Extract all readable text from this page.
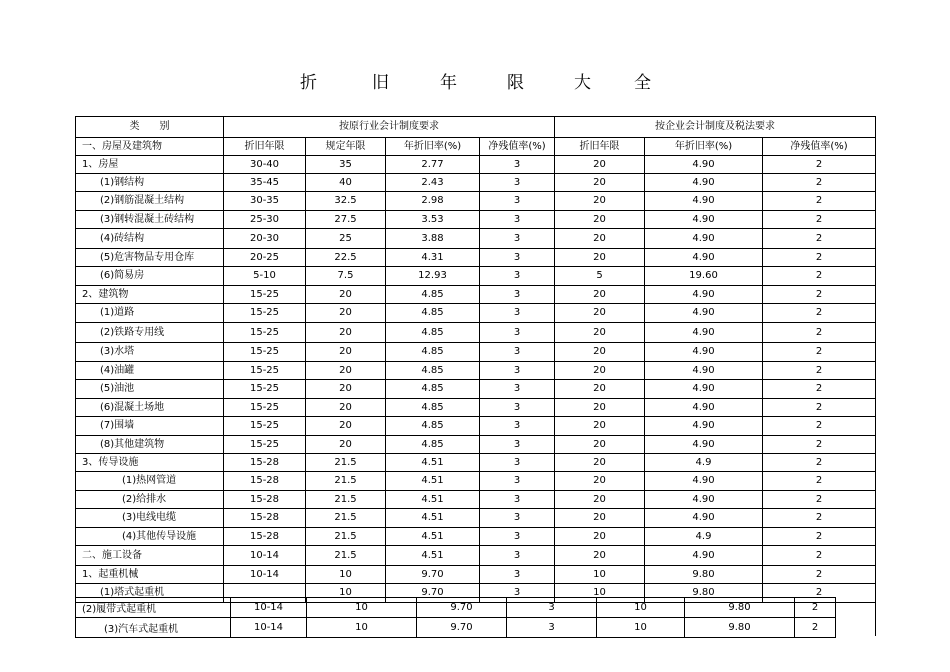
折	旧	年	限	大	全
类　　别	按原行业会计制度要求				按企业会计制度及税法要求		
一、房屋及建筑物	折旧年限	规定年限	年折旧率(%)	净残值率(%)	折旧年限	年折旧率(%)	净残值率(%)
1、房屋	30-40	35	2.77	3	20	4.90	2
(1)钢结构	35-45	40	2.43	3	20	4.90	2
(2)钢筋混凝土结构	30-35	32.5	2.98	3	20	4.90	2
(3)钢转混凝土砖结构	25-30	27.5	3.53	3	20	4.90	2
(4)砖结构	20-30	25	3.88	3	20	4.90	2
(5)危害物品专用仓库	20-25	22.5	4.31	3	20	4.90	2
(6)简易房	5-10	7.5	12.93	3	5	19.60	2
2、建筑物	15-25	20	4.85	3	20	4.90	2
(1)道路	15-25	20	4.85	3	20	4.90	2
(2)铁路专用线	15-25	20	4.85	3	20	4.90	2
(3)水塔	15-25	20	4.85	3	20	4.90	2
(4)油罐	15-25	20	4.85	3	20	4.90	2
(5)油池	15-25	20	4.85	3	20	4.90	2
(6)混凝土场地	15-25	20	4.85	3	20	4.90	2
(7)围墙	15-25	20	4.85	3	20	4.90	2
(8)其他建筑物	15-25	20	4.85	3	20	4.90	2
3、传导设施	15-28	21.5	4.51	3	20	4.9	2
(1)热网管道	15-28	21.5	4.51	3	20	4.90	2
(2)给排水	15-28	21.5	4.51	3	20	4.90	2
(3)电线电缆	15-28	21.5	4.51	3	20	4.90	2
(4)其他传导设施	15-28	21.5	4.51	3	20	4.9	2
二、施工设备	10-14	21.5	4.51	3	20	4.90	2
1、起重机械	10-14	10	9.70	3	10	9.80	2
(1)塔式起重机		10	9.70	3	10	9.80	2
(2)履带式起重机	10-14	10	9.70	3	10	9.80	2
(3)汽车式起重机	10-14	10	9.70	3	10	9.80	2
